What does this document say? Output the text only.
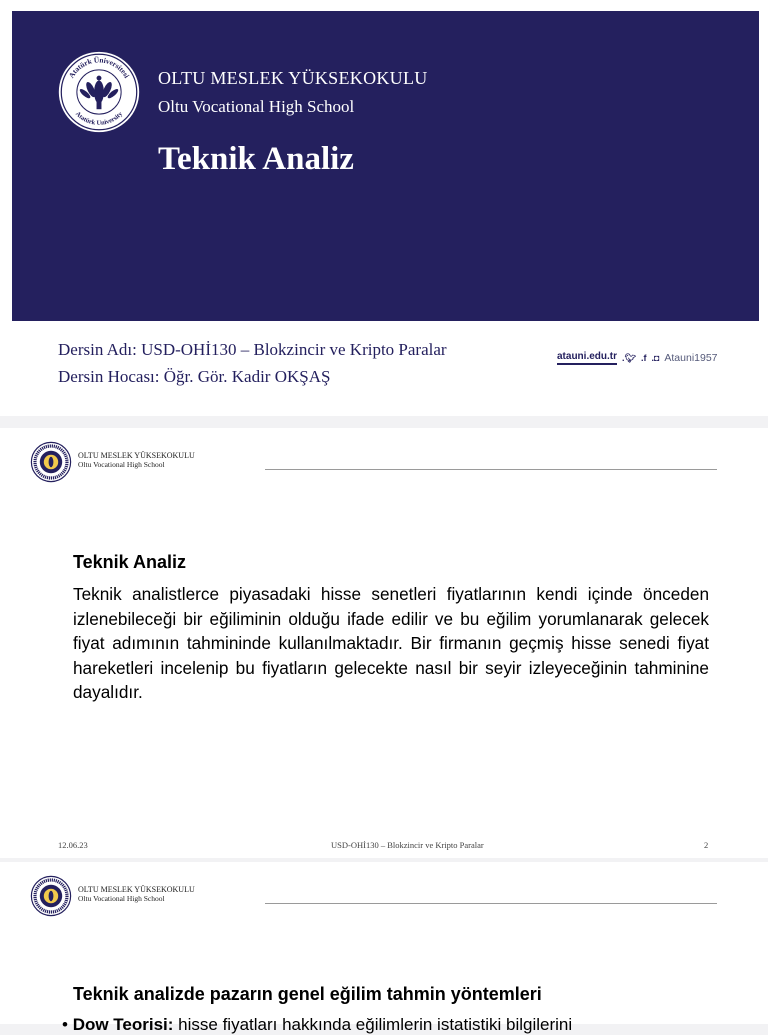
Atatürk Üniversitesi
Atatürk University
OLTU MESLEK YÜKSEKOKULU
Oltu Vocational High School
Teknik Analiz
Dersin Adı: USD-OHİ130 – Blokzincir ve Kripto Paralar
Dersin Hocası: Öğr. Gör. Kadir OKŞAŞ
atauni.edu.tr .🐦︎ .f .◘ Atauni1957
OLTU MESLEK YÜKSEKOKULU
Oltu Vocational High School
Teknik Analiz

Teknik analistlerce piyasadaki hisse senetleri fiyatlarının kendi içinde önceden izlenebileceği bir eğiliminin olduğu ifade edilir ve bu eğilim yorumlanarak gelecek fiyat adımının tahmininde kullanılmaktadır. Bir firmanın geçmiş hisse senedi fiyat hareketleri incelenip bu fiyatların gelecekte nasıl bir seyir izleyeceğinin tahminine dayalıdır.

12.06.23	USD-OHİ130 – Blokzincir ve Kripto Paralar	2
OLTU MESLEK YÜKSEKOKULU
Oltu Vocational High School
Teknik analizde pazarın genel eğilim tahmin yöntemleri
• Dow Teorisi: hisse fiyatları hakkında eğilimlerin istatistiki bilgilerini
